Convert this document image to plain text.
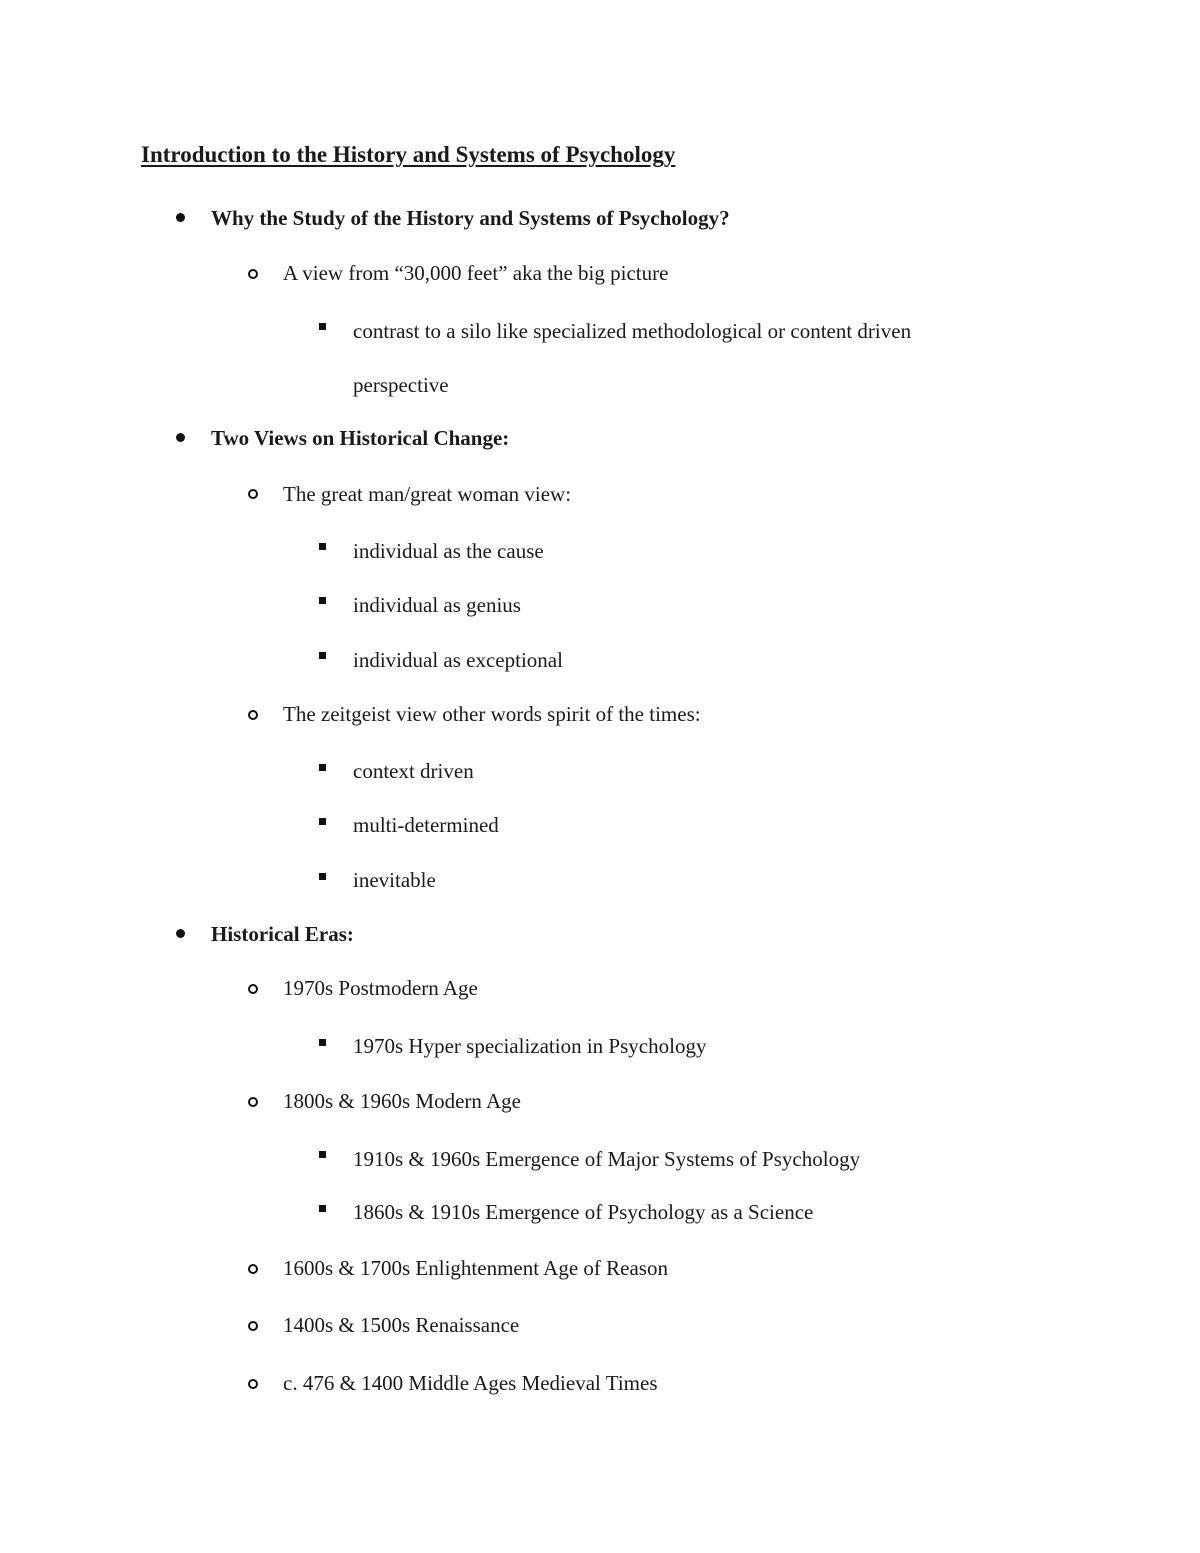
Introduction to the History and Systems of Psychology
Why the Study of the History and Systems of Psychology?
A view from “30,000 feet” aka the big picture
contrast to a silo like specialized methodological or content driven
perspective
Two Views on Historical Change:
The great man/great woman view:
individual as the cause
individual as genius
individual as exceptional
The zeitgeist view other words spirit of the times:
context driven
multi-determined
inevitable
Historical Eras:
1970s Postmodern Age
1970s Hyper specialization in Psychology
1800s & 1960s Modern Age
1910s & 1960s Emergence of Major Systems of Psychology
1860s & 1910s Emergence of Psychology as a Science
1600s & 1700s Enlightenment Age of Reason
1400s & 1500s Renaissance
c. 476 & 1400 Middle Ages Medieval Times
